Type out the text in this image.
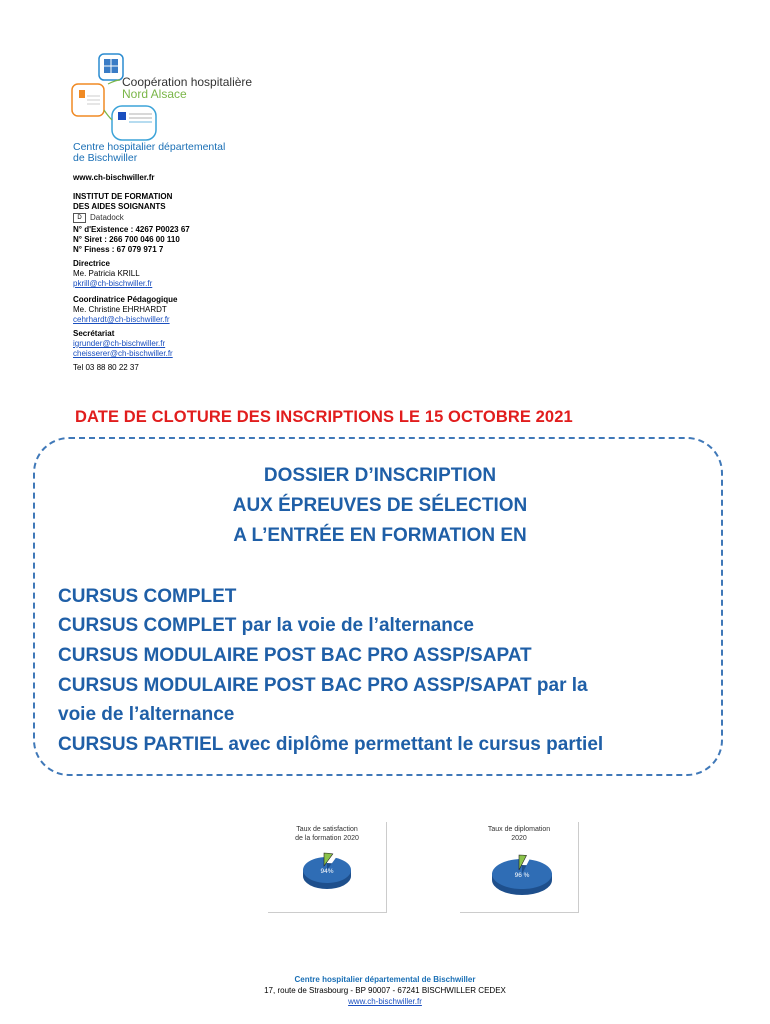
Coopération hospitalière
Nord Alsace
Centre hospitalier départemental
de Bischwiller
www.ch-bischwiller.fr
INSTITUT DE FORMATION
DES AIDES SOIGNANTS
D	Datadock
N° d'Existence : 4267 P0023 67
N° Siret : 266 700 046 00 110
N° Finess : 67 079 971 7
Directrice
Me. Patricia KRILL
pkrill@ch-bischwiller.fr
Coordinatrice Pédagogique
Me. Christine EHRHARDT
cehrhardt@ch-bischwiller.fr
Secrétariat
igrunder@ch-bischwiller.fr
cheisserer@ch-bischwiller.fr
Tel 03 88 80 22 37
DATE DE CLOTURE DES INSCRIPTIONS LE 15 OCTOBRE 2021
DOSSIER D’INSCRIPTION
AUX ÉPREUVES DE SÉLECTION
A L’ENTRÉE EN FORMATION EN
CURSUS COMPLET
CURSUS COMPLET par la voie de l’alternance
CURSUS MODULAIRE POST BAC PRO ASSP/SAPAT
CURSUS MODULAIRE POST BAC PRO ASSP/SAPAT par la
voie de l’alternance
CURSUS PARTIEL avec diplôme permettant le cursus partiel
Taux de satisfaction
de la formation 2020
94%
Taux de diplomation
2020
96 %
Centre hospitalier départemental de Bischwiller
17, route de Strasbourg - BP 90007 - 67241 BISCHWILLER CEDEX
www.ch-bischwiller.fr
